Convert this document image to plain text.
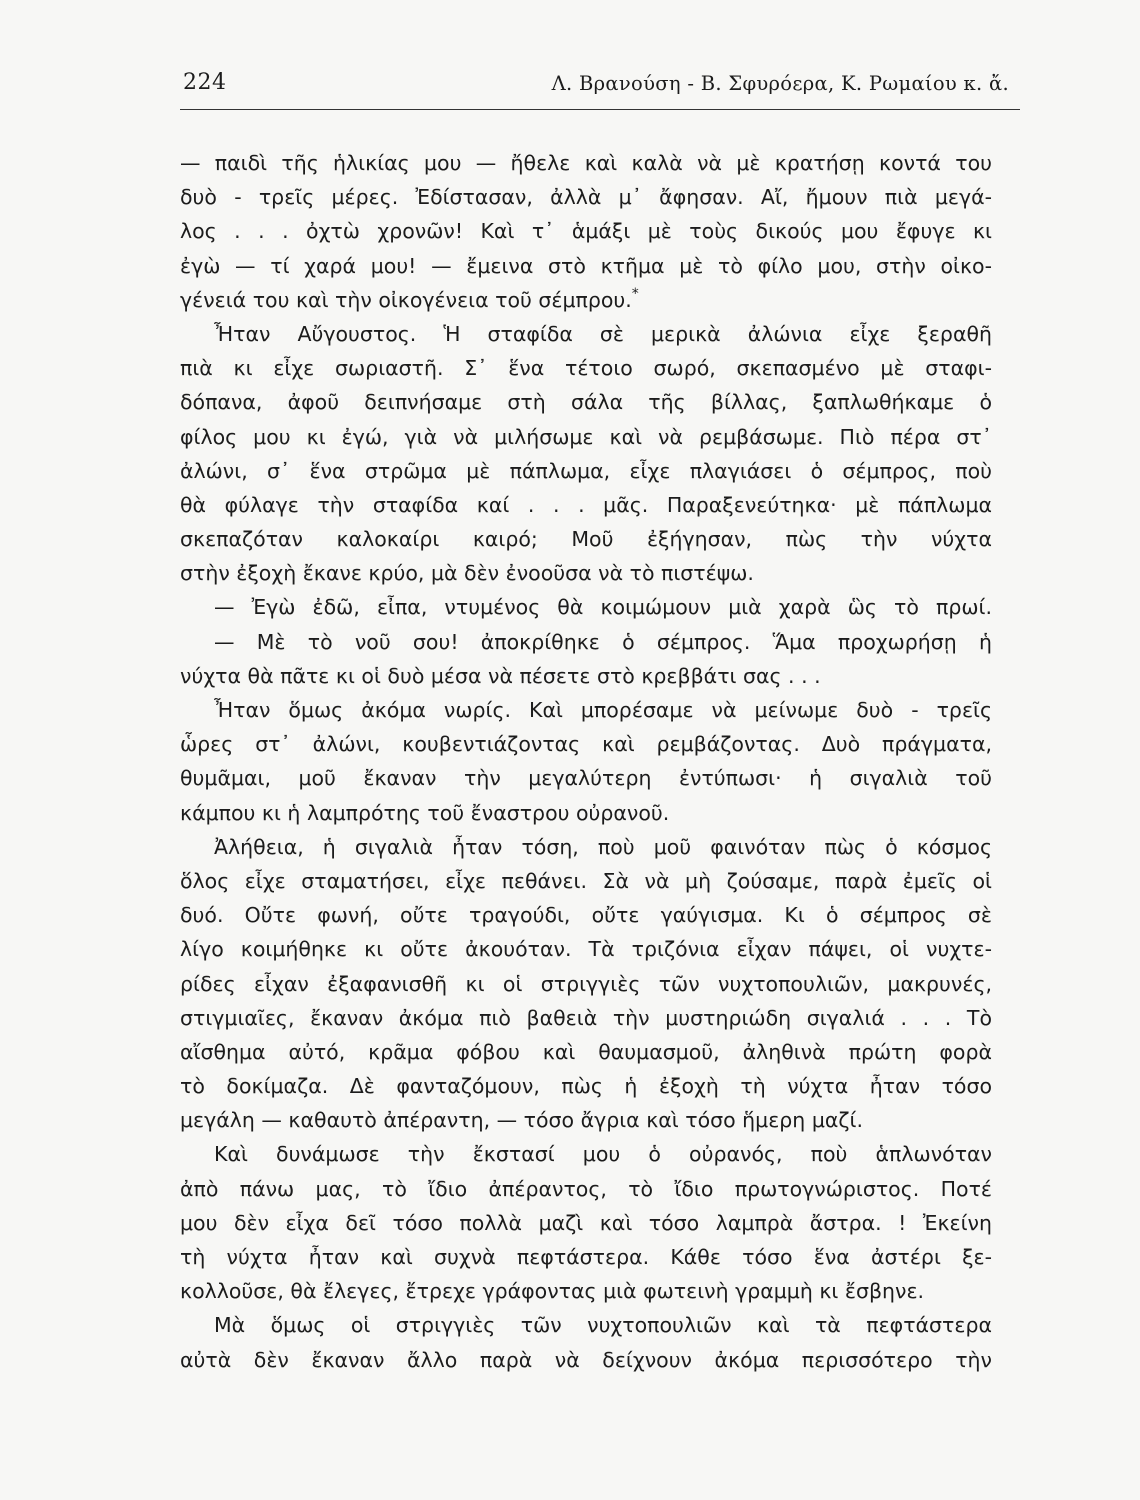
224	Λ. Βρανούση - Β. Σφυρόερα, Κ. Ρωμαίου κ. ἄ.
— παιδὶ τῆς ἡλικίας μου — ἤθελε καὶ καλὰ νὰ μὲ κρατήσῃ κοντά του
δυὸ - τρεῖς μέρες. Ἐδίστασαν, ἀλλὰ μ᾽ ἄφησαν. Αἴ, ἤμουν πιὰ μεγά-
λος . . . ὀχτὼ χρονῶν! Καὶ τ᾽ ἁμάξι μὲ τοὺς δικούς μου ἔφυγε κι
ἐγὼ — τί χαρά μου! — ἔμεινα στὸ κτῆμα μὲ τὸ φίλο μου, στὴν οἰκο-
γένειά του καὶ τὴν οἰκογένεια τοῦ σέμπρου.*
Ἦταν Αὔγουστος. Ἡ σταφίδα σὲ μερικὰ ἀλώνια εἶχε ξεραθῆ
πιὰ κι εἶχε σωριαστῆ. Σ᾽ ἕνα τέτοιο σωρό, σκεπασμένο μὲ σταφι-
δόπανα, ἀφοῦ δειπνήσαμε στὴ σάλα τῆς βίλλας, ξαπλωθήκαμε ὁ
φίλος μου κι ἐγώ, γιὰ νὰ μιλήσωμε καὶ νὰ ρεμβάσωμε. Πιὸ πέρα στ᾽
ἀλώνι, σ᾽ ἕνα στρῶμα μὲ πάπλωμα, εἶχε πλαγιάσει ὁ σέμπρος, ποὺ
θὰ φύλαγε τὴν σταφίδα καί . . . μᾶς. Παραξενεύτηκα· μὲ πάπλωμα
σκεπαζόταν καλοκαίρι καιρό; Μοῦ ἐξήγησαν, πὼς τὴν νύχτα
στὴν ἐξοχὴ ἔκανε κρύο, μὰ δὲν ἐνοοῦσα νὰ τὸ πιστέψω.
— Ἐγὼ ἐδῶ, εἶπα, ντυμένος θὰ κοιμώμουν μιὰ χαρὰ ὣς τὸ πρωί.
— Μὲ τὸ νοῦ σου! ἀποκρίθηκε ὁ σέμπρος. Ἅμα προχωρήσῃ ἡ
νύχτα θὰ πᾶτε κι οἱ δυὸ μέσα νὰ πέσετε στὸ κρεββάτι σας . . .
Ἦταν ὅμως ἀκόμα νωρίς. Καὶ μπορέσαμε νὰ μείνωμε δυὸ - τρεῖς
ὧρες στ᾽ ἀλώνι, κουβεντιάζοντας καὶ ρεμβάζοντας. Δυὸ πράγματα,
θυμᾶμαι, μοῦ ἔκαναν τὴν μεγαλύτερη ἐντύπωσι· ἡ σιγαλιὰ τοῦ
κάμπου κι ἡ λαμπρότης τοῦ ἔναστρου οὐρανοῦ.
Ἀλήθεια, ἡ σιγαλιὰ ἦταν τόση, ποὺ μοῦ φαινόταν πὼς ὁ κόσμος
ὅλος εἶχε σταματήσει, εἶχε πεθάνει. Σὰ νὰ μὴ ζούσαμε, παρὰ ἐμεῖς οἱ
δυό. Οὔτε φωνή, οὔτε τραγούδι, οὔτε γαύγισμα. Κι ὁ σέμπρος σὲ
λίγο κοιμήθηκε κι οὔτε ἀκουόταν. Τὰ τριζόνια εἶχαν πάψει, οἱ νυχτε-
ρίδες εἶχαν ἐξαφανισθῆ κι οἱ στριγγιὲς τῶν νυχτοπουλιῶν, μακρυνές,
στιγμιαῖες, ἔκαναν ἀκόμα πιὸ βαθειὰ τὴν μυστηριώδη σιγαλιά . . . Τὸ
αἴσθημα αὐτό, κρᾶμα φόβου καὶ θαυμασμοῦ, ἀληθινὰ πρώτη φορὰ
τὸ δοκίμαζα. Δὲ φανταζόμουν, πὼς ἡ ἐξοχὴ τὴ νύχτα ἦταν τόσο
μεγάλη — καθαυτὸ ἀπέραντη, — τόσο ἄγρια καὶ τόσο ἥμερη μαζί.
Καὶ δυνάμωσε τὴν ἔκστασί μου ὁ οὐρανός, ποὺ ἁπλωνόταν
ἀπὸ πάνω μας, τὸ ἴδιο ἀπέραντος, τὸ ἴδιο πρωτογνώριστος. Ποτέ
μου δὲν εἶχα δεῖ τόσο πολλὰ μαζὶ καὶ τόσο λαμπρὰ ἄστρα. ! Ἐκείνη
τὴ νύχτα ἦταν καὶ συχνὰ πεφτάστερα. Κάθε τόσο ἕνα ἀστέρι ξε-
κολλοῦσε, θὰ ἔλεγες, ἔτρεχε γράφοντας μιὰ φωτεινὴ γραμμὴ κι ἔσβηνε.
Μὰ ὅμως οἱ στριγγιὲς τῶν νυχτοπουλιῶν καὶ τὰ πεφτάστερα
αὐτὰ δὲν ἔκαναν ἄλλο παρὰ νὰ δείχνουν ἀκόμα περισσότερο τὴν
